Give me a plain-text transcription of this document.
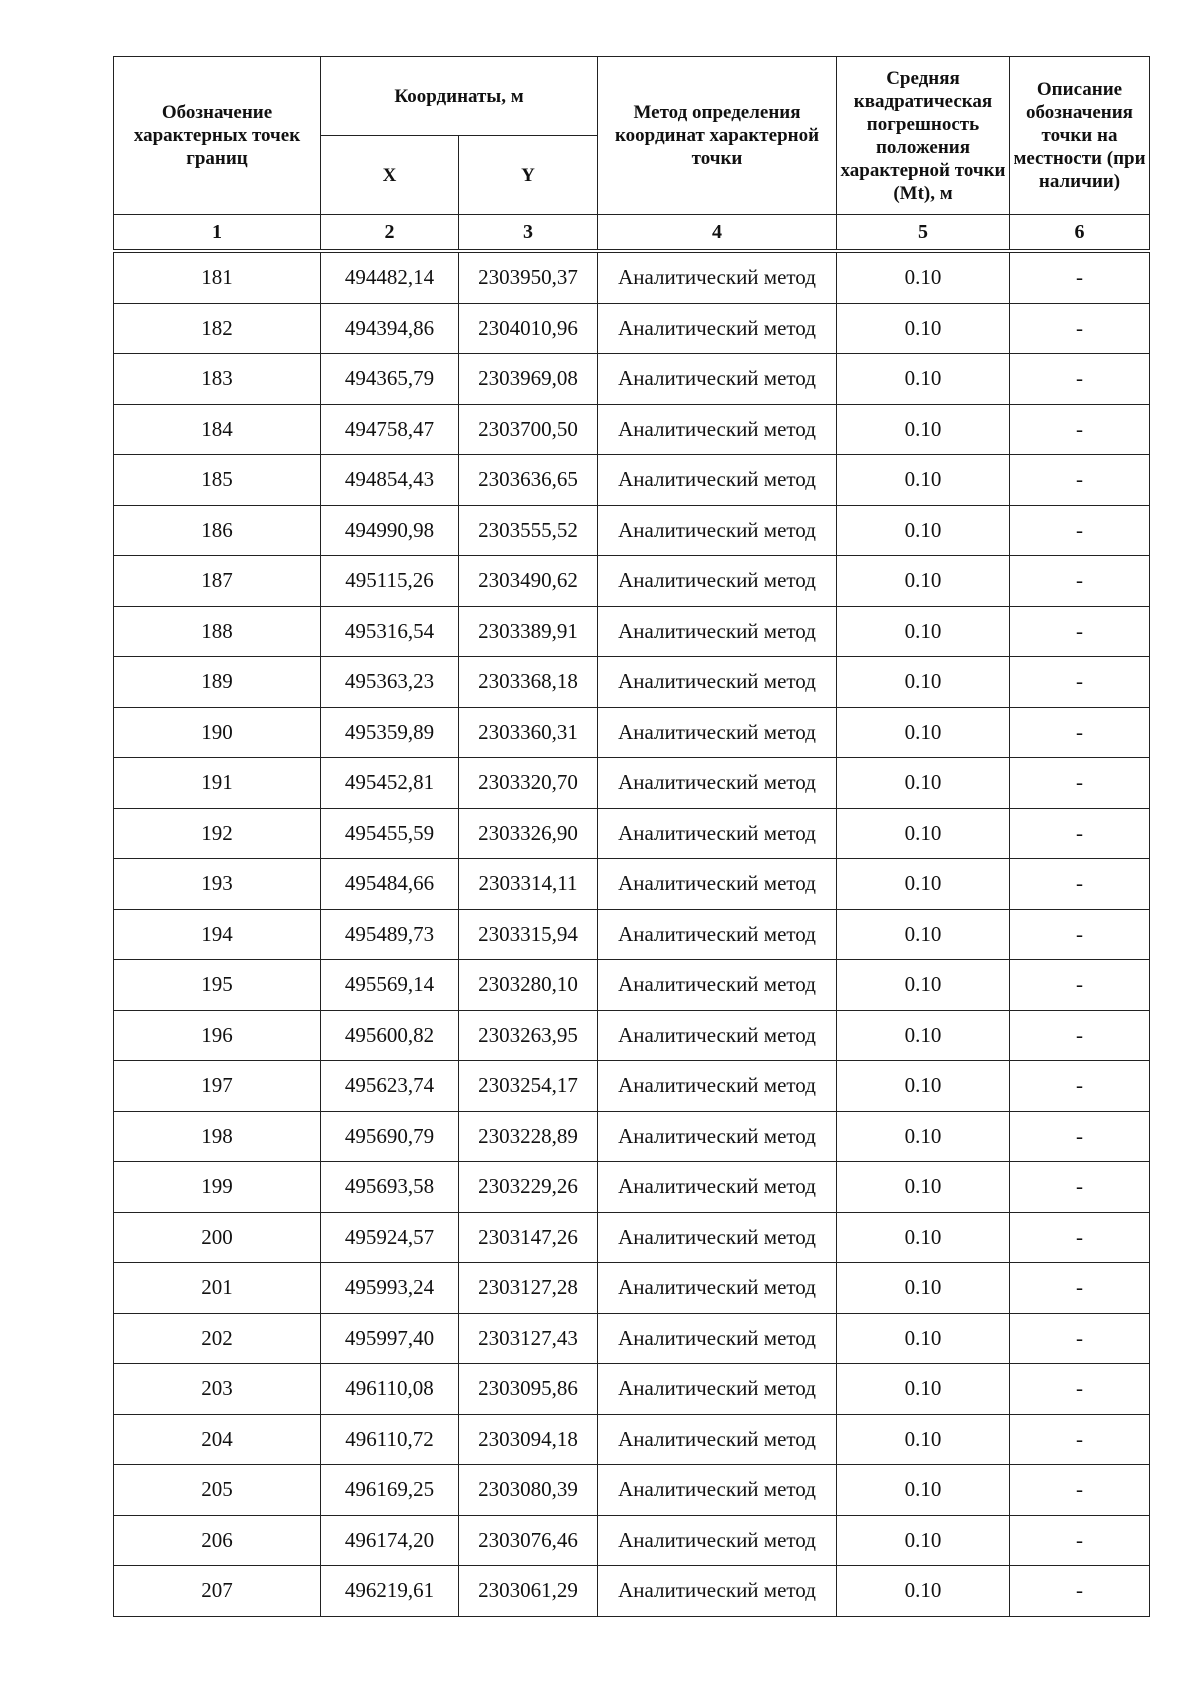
Обозначение характерных точек границ	Координаты, м		Метод определения координат характерной точки	Средняя квадратическая погрешность положения характерной точки (Mt), м	Описание обозначения точки на местности (при наличии)

	X	Y			
1	2	3	4	5	6

181	494482,14	2303950,37	Аналитический метод	0.10	-
182	494394,86	2304010,96	Аналитический метод	0.10	-
183	494365,79	2303969,08	Аналитический метод	0.10	-
184	494758,47	2303700,50	Аналитический метод	0.10	-
185	494854,43	2303636,65	Аналитический метод	0.10	-
186	494990,98	2303555,52	Аналитический метод	0.10	-
187	495115,26	2303490,62	Аналитический метод	0.10	-
188	495316,54	2303389,91	Аналитический метод	0.10	-
189	495363,23	2303368,18	Аналитический метод	0.10	-
190	495359,89	2303360,31	Аналитический метод	0.10	-
191	495452,81	2303320,70	Аналитический метод	0.10	-
192	495455,59	2303326,90	Аналитический метод	0.10	-
193	495484,66	2303314,11	Аналитический метод	0.10	-
194	495489,73	2303315,94	Аналитический метод	0.10	-
195	495569,14	2303280,10	Аналитический метод	0.10	-
196	495600,82	2303263,95	Аналитический метод	0.10	-
197	495623,74	2303254,17	Аналитический метод	0.10	-
198	495690,79	2303228,89	Аналитический метод	0.10	-
199	495693,58	2303229,26	Аналитический метод	0.10	-
200	495924,57	2303147,26	Аналитический метод	0.10	-
201	495993,24	2303127,28	Аналитический метод	0.10	-
202	495997,40	2303127,43	Аналитический метод	0.10	-
203	496110,08	2303095,86	Аналитический метод	0.10	-
204	496110,72	2303094,18	Аналитический метод	0.10	-
205	496169,25	2303080,39	Аналитический метод	0.10	-
206	496174,20	2303076,46	Аналитический метод	0.10	-
207	496219,61	2303061,29	Аналитический метод	0.10	-
